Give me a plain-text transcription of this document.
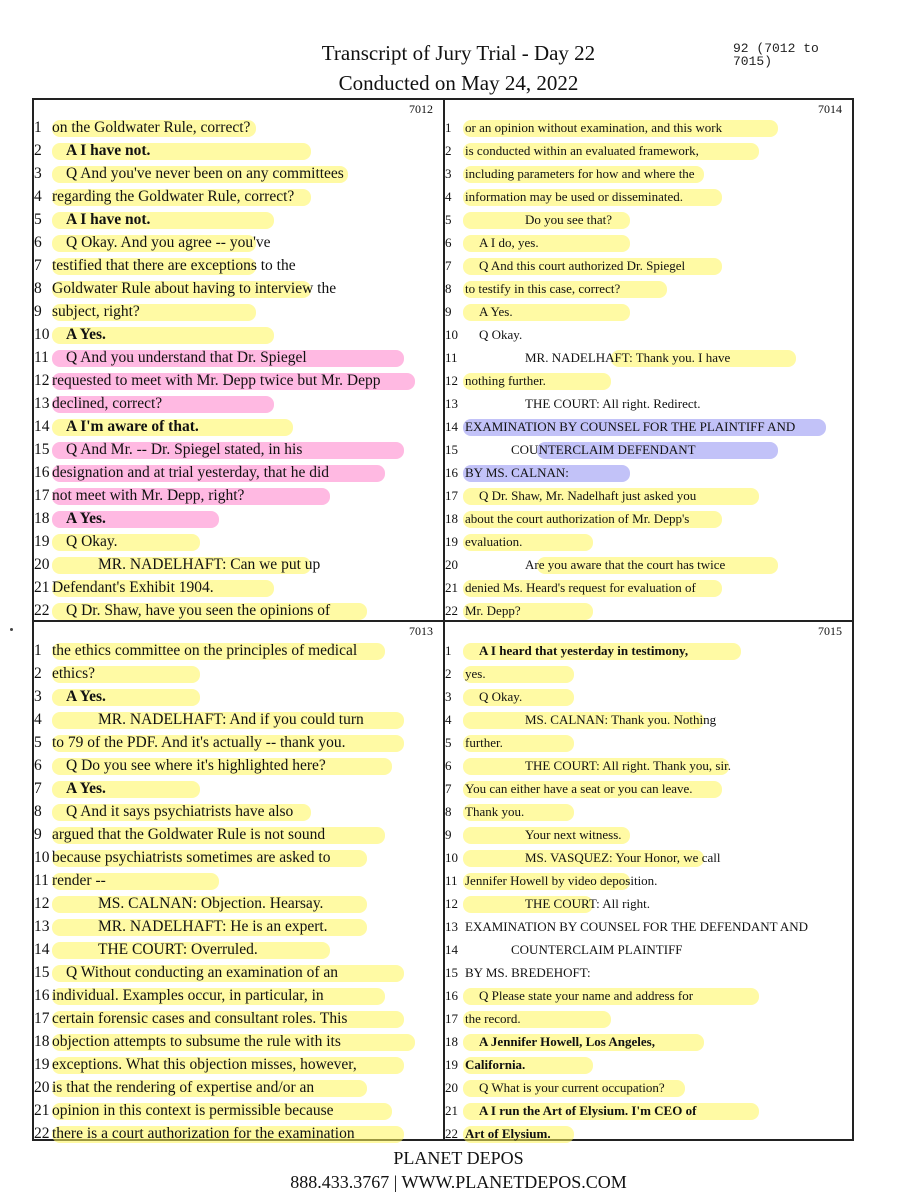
Transcript of Jury Trial - Day 22
Conducted on May 24, 2022
92 (7012 to 7015)
7012
1 on the Goldwater Rule, correct?
2	A I have not.
3	Q And you've never been on any committees
4 regarding the Goldwater Rule, correct?
5	A I have not.
6	Q Okay. And you agree -- you've
7 testified that there are exceptions to the
8 Goldwater Rule about having to interview the
9 subject, right?
10	A Yes.
11	Q And you understand that Dr. Spiegel
12 requested to meet with Mr. Depp twice but Mr. Depp
13 declined, correct?
14	A I'm aware of that.
15	Q And Mr. -- Dr. Spiegel stated, in his
16 designation and at trial yesterday, that he did
17 not meet with Mr. Depp, right?
18	A Yes.
19	Q Okay.
20	MR. NADELHAFT: Can we put up
21 Defendant's Exhibit 1904.
22	Q Dr. Shaw, have you seen the opinions of
7014
1	or an opinion without examination, and this work
2	is conducted within an evaluated framework,
3	including parameters for how and where the
4	information may be used or disseminated.
5	Do you see that?
6	A I do, yes.
7	Q And this court authorized Dr. Spiegel
8	to testify in this case, correct?
9	A Yes.
10	Q Okay.
11	MR. NADELHAFT: Thank you. I have
12 nothing further.
13	THE COURT: All right. Redirect.
14 EXAMINATION BY COUNSEL FOR THE PLAINTIFF AND
15	COUNTERCLAIM DEFENDANT
16 BY MS. CALNAN:
17	Q Dr. Shaw, Mr. Nadelhaft just asked you
18 about the court authorization of Mr. Depp's
19 evaluation.
20	Are you aware that the court has twice
21 denied Ms. Heard's request for evaluation of
22 Mr. Depp?
7013
1 the ethics committee on the principles of medical
2 ethics?
3	A Yes.
4	MR. NADELHAFT: And if you could turn
5 to 79 of the PDF. And it's actually -- thank you.
6	Q Do you see where it's highlighted here?
7	A Yes.
8	Q And it says psychiatrists have also
9 argued that the Goldwater Rule is not sound
10 because psychiatrists sometimes are asked to
11 render --
12	MS. CALNAN: Objection. Hearsay.
13	MR. NADELHAFT: He is an expert.
14	THE COURT: Overruled.
15	Q Without conducting an examination of an
16 individual. Examples occur, in particular, in
17 certain forensic cases and consultant roles. This
18 objection attempts to subsume the rule with its
19 exceptions. What this objection misses, however,
20 is that the rendering of expertise and/or an
21 opinion in this context is permissible because
22 there is a court authorization for the examination
7015
1	A I heard that yesterday in testimony,
2	yes.
3	Q Okay.
4	MS. CALNAN: Thank you. Nothing
5	further.
6	THE COURT: All right. Thank you, sir.
7	You can either have a seat or you can leave.
8	Thank you.
9	Your next witness.
10	MS. VASQUEZ: Your Honor, we call
11 Jennifer Howell by video deposition.
12	THE COURT: All right.
13 EXAMINATION BY COUNSEL FOR THE DEFENDANT AND
14	COUNTERCLAIM PLAINTIFF
15 BY MS. BREDEHOFT:
16	Q Please state your name and address for
17 the record.
18	A Jennifer Howell, Los Angeles,
19 California.
20	Q What is your current occupation?
21	A I run the Art of Elysium. I'm CEO of
22 Art of Elysium.
PLANET DEPOS
888.433.3767 | WWW.PLANETDEPOS.COM
